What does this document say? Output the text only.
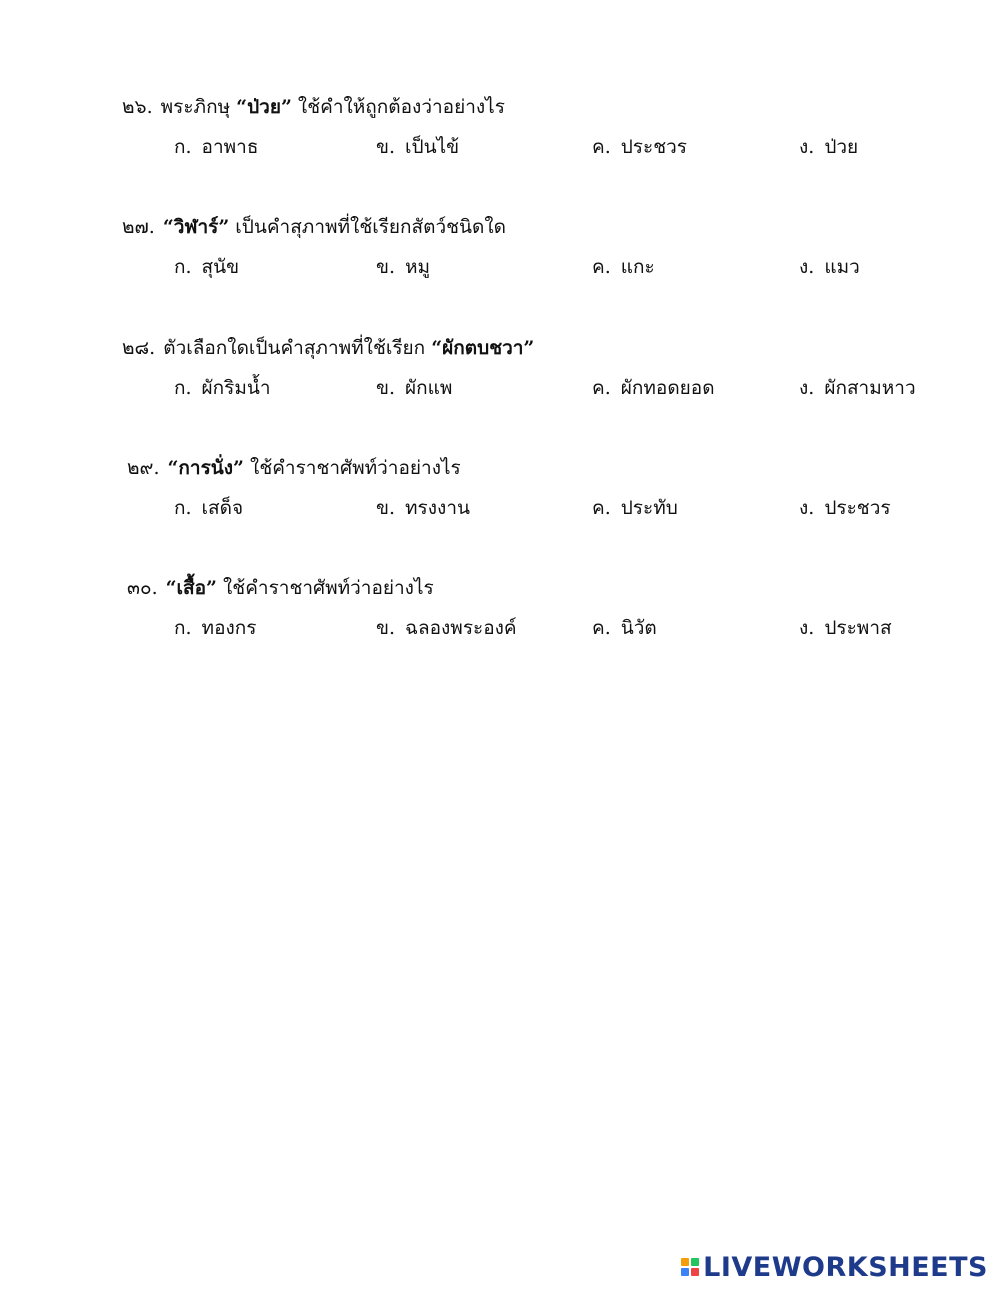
๒๖. พระภิกษุ “ป่วย” ใช้คำให้ถูกต้องว่าอย่างไร
ก. อาพาธ	ข. เป็นไข้	ค. ประชวร	ง. ป่วย
๒๗. “วิฬาร์” เป็นคำสุภาพที่ใช้เรียกสัตว์ชนิดใด
ก. สุนัข	ข. หมู	ค. แกะ	ง. แมว
๒๘. ตัวเลือกใดเป็นคำสุภาพที่ใช้เรียก “ผักตบชวา”
ก. ผักริมน้ำ	ข. ผักแพ	ค. ผักทอดยอด	ง. ผักสามหาว
๒๙. “การนั่ง” ใช้คำราชาศัพท์ว่าอย่างไร
ก. เสด็จ	ข. ทรงงาน	ค. ประทับ	ง. ประชวร
๓๐. “เสื้อ” ใช้คำราชาศัพท์ว่าอย่างไร
ก. ทองกร	ข. ฉลองพระองค์	ค. นิวัต	ง. ประพาส
LIVEWORKSHEETS
